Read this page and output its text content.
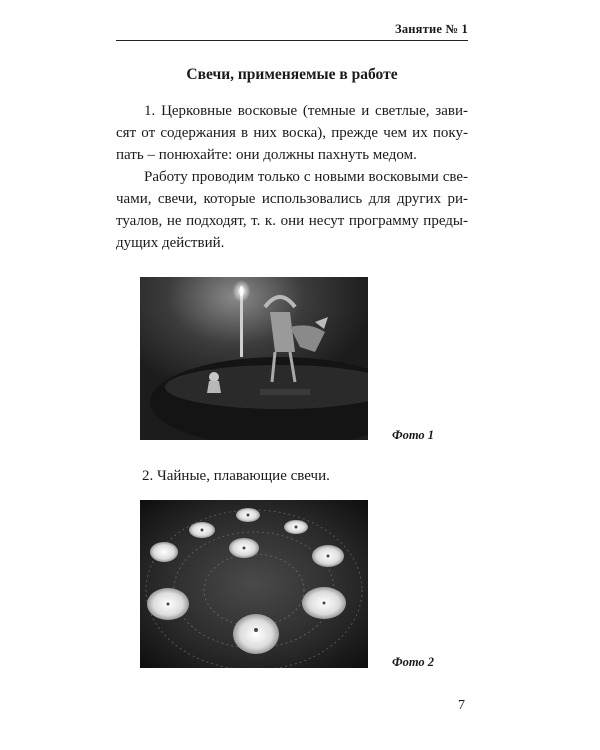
Занятие № 1
Свечи, применяемые в работе

1. Церковные восковые (темные и светлые, зави-
сят от содержания в них воска), прежде чем их поку-
пать – понюхайте: они должны пахнуть медом.

Работу проводим только с новыми восковыми све-
чами, свечи, которые использовались для других ри-
туалов, не подходят, т. к. они несут программу преды-
дущих действий.

Фото 1
2. Чайные, плавающие свечи.
Фото 2
7
